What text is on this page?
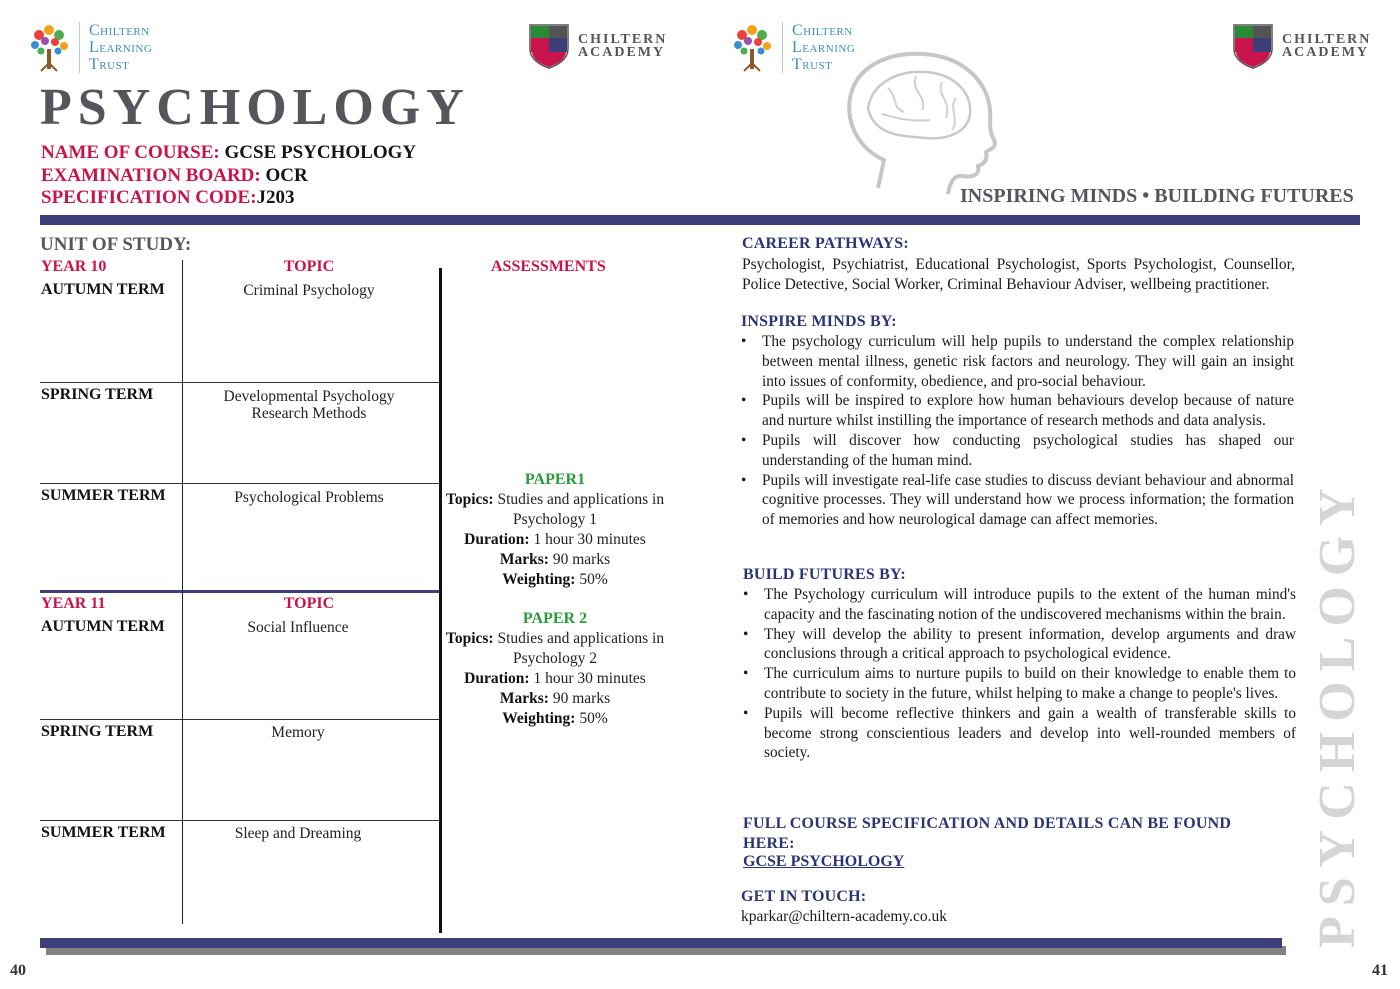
Chiltern
Learning
Trust
CHILTERN
ACADEMY
PSYCHOLOGY
NAME OF COURSE: GCSE PSYCHOLOGY
EXAMINATION BOARD: OCR
SPECIFICATION CODE:J203
UNIT OF STUDY:
YEAR 10	TOPIC
AUTUMN TERM	Criminal Psychology
SPRING TERM	Developmental Psychology Research Methods
SUMMER TERM	Psychological Problems
YEAR 11	TOPIC
AUTUMN TERM	Social Influence
SPRING TERM	Memory
SUMMER TERM	Sleep and Dreaming
ASSESSMENTS
PAPER1
Topics: Studies and applications in Psychology 1
Duration: 1 hour 30 minutes
Marks: 90 marks
Weighting: 50%
PAPER 2
Topics: Studies and applications in Psychology 2
Duration: 1 hour 30 minutes
Marks: 90 marks
Weighting: 50%
40
Chiltern
Learning
Trust
CHILTERN
ACADEMY
INSPIRING MINDS • BUILDING FUTURES
CAREER PATHWAYS:
Psychologist, Psychiatrist, Educational Psychologist, Sports Psychologist, Counsellor, Police Detective, Social Worker, Criminal Behaviour Adviser, wellbeing practitioner.
INSPIRE MINDS BY:
• The psychology curriculum will help pupils to understand the complex relationship between mental illness, genetic risk factors and neurology. They will gain an insight into issues of conformity, obedience, and pro-social behaviour.
• Pupils will be inspired to explore how human behaviours develop because of nature and nurture whilst instilling the importance of research methods and data analysis.
• Pupils will discover how conducting psychological studies has shaped our understanding of the human mind.
• Pupils will investigate real-life case studies to discuss deviant behaviour and abnormal cognitive processes. They will understand how we process information; the formation of memories and how neurological damage can affect memories.
BUILD FUTURES BY:
• The Psychology curriculum will introduce pupils to the extent of the human mind's capacity and the fascinating notion of the undiscovered mechanisms within the brain.
• They will develop the ability to present information, develop arguments and draw conclusions through a critical approach to psychological evidence.
• The curriculum aims to nurture pupils to build on their knowledge to enable them to contribute to society in the future, whilst helping to make a change to people's lives.
• Pupils will become reflective thinkers and gain a wealth of transferable skills to become strong conscientious leaders and develop into well-rounded members of society.
FULL COURSE SPECIFICATION AND DETAILS CAN BE FOUND HERE:
GCSE PSYCHOLOGY
GET IN TOUCH:
kparkar@chiltern-academy.co.uk	PSYCHOLOGY
41
